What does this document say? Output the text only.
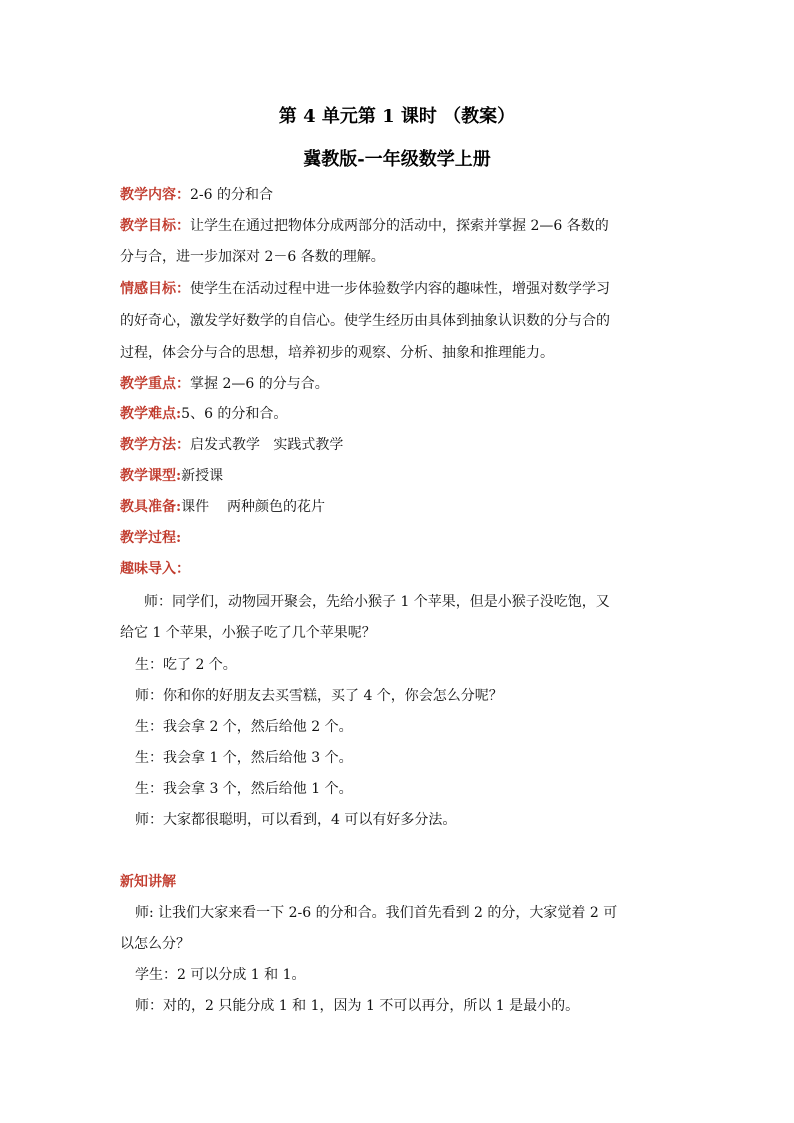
第 4 单元第 1 课时 （教案）
冀教版-一年级数学上册
教学内容：2-6 的分和合
教学目标：让学生在通过把物体分成两部分的活动中，探索并掌握 2—6 各数的
分与合，进一步加深对 2－6 各数的理解。
情感目标：使学生在活动过程中进一步体验数学内容的趣味性，增强对数学学习
的好奇心，激发学好数学的自信心。使学生经历由具体到抽象认识数的分与合的
过程，体会分与合的思想，培养初步的观察、分析、抽象和推理能力。
教学重点：掌握 2—6 的分与合。
教学难点:5、6 的分和合。
教学方法：启发式教学   实践式教学
教学课型:新授课
教具准备:课件    两种颜色的花片
教学过程:
趣味导入：
师：同学们，动物园开聚会，先给小猴子 1 个苹果，但是小猴子没吃饱，又
给它 1 个苹果，小猴子吃了几个苹果呢？
生：吃了 2 个。
师：你和你的好朋友去买雪糕，买了 4 个，你会怎么分呢？
生：我会拿 2 个，然后给他 2 个。
生：我会拿 1 个，然后给他 3 个。
生：我会拿 3 个，然后给他 1 个。
师：大家都很聪明，可以看到，4 可以有好多分法。
新知讲解
师: 让我们大家来看一下 2-6 的分和合。我们首先看到 2 的分，大家觉着 2 可
以怎么分？
学生：2 可以分成 1 和 1。
师：对的，2 只能分成 1 和 1，因为 1 不可以再分，所以 1 是最小的。
